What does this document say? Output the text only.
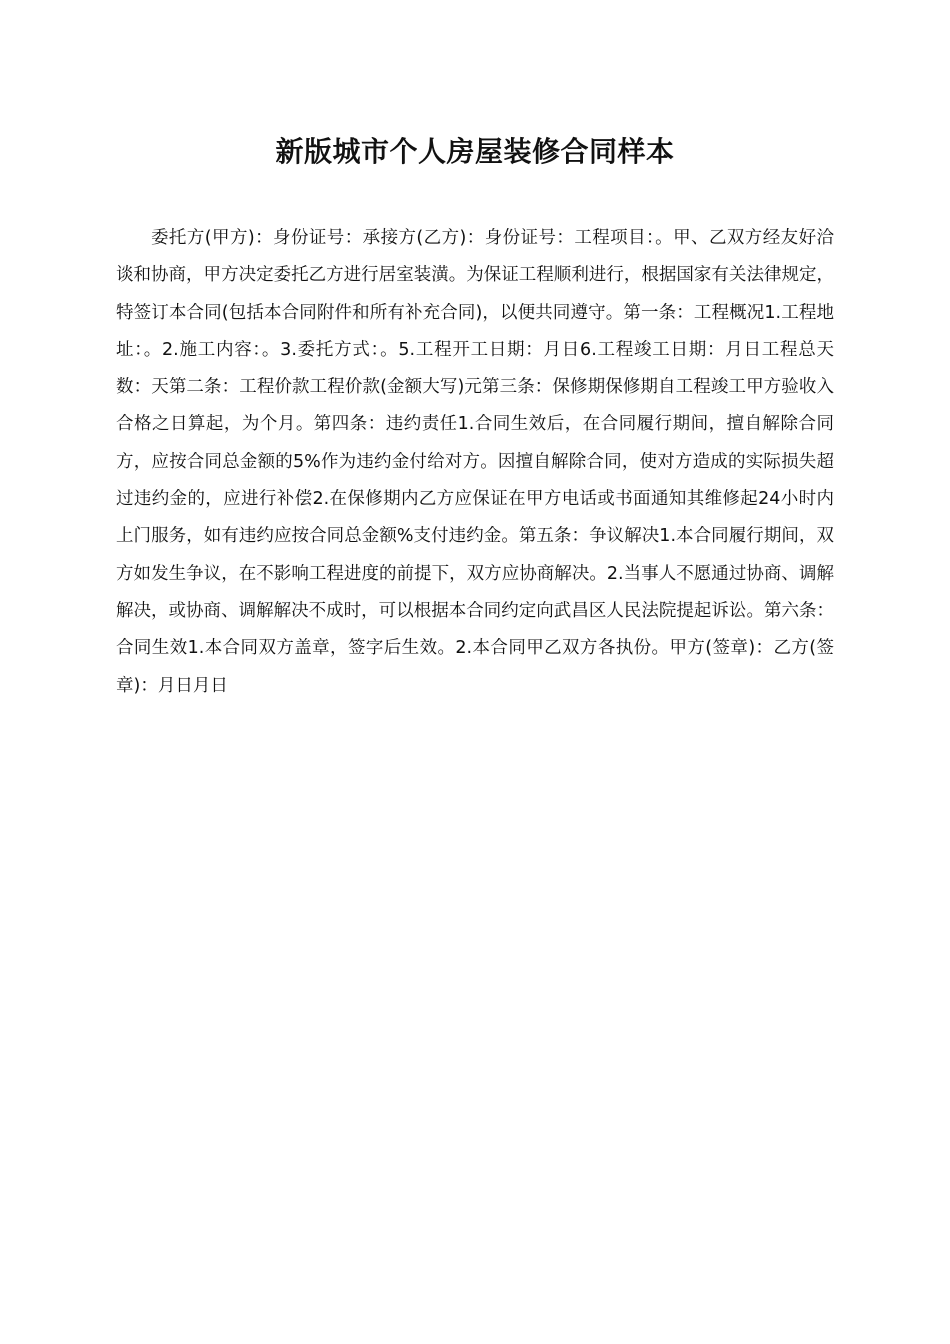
新版城市个人房屋装修合同样本

委托方(甲方)：身份证号：承接方(乙方)：身份证号：工程项目：。甲、乙双方经友好洽谈和协商，甲方决定委托乙方进行居室装潢。为保证工程顺利进行，根据国家有关法律规定，特签订本合同(包括本合同附件和所有补充合同)，以便共同遵守。第一条：工程概况1.工程地址：。2.施工内容：。3.委托方式：。5.工程开工日期：月日6.工程竣工日期：月日工程总天数：天第二条：工程价款工程价款(金额大写)元第三条：保修期保修期自工程竣工甲方验收入合格之日算起，为个月。第四条：违约责任1.合同生效后，在合同履行期间，擅自解除合同方，应按合同总金额的5%作为违约金付给对方。因擅自解除合同，使对方造成的实际损失超过违约金的，应进行补偿2.在保修期内乙方应保证在甲方电话或书面通知其维修起24小时内上门服务，如有违约应按合同总金额%支付违约金。第五条：争议解决1.本合同履行期间，双方如发生争议，在不影响工程进度的前提下，双方应协商解决。2.当事人不愿通过协商、调解解决，或协商、调解解决不成时，可以根据本合同约定向武昌区人民法院提起诉讼。第六条：合同生效1.本合同双方盖章，签字后生效。2.本合同甲乙双方各执份。甲方(签章)：乙方(签章)：月日月日
